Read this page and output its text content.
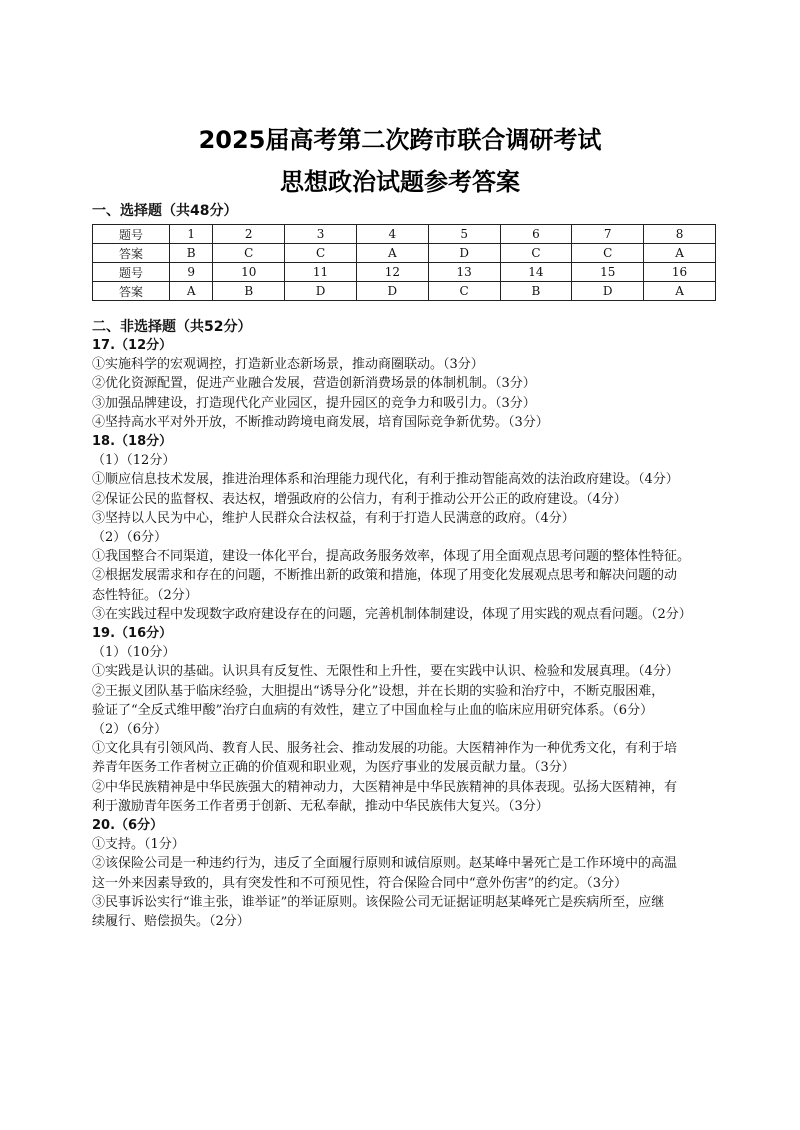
2025届高考第二次跨市联合调研考试
思想政治试题参考答案
一、选择题（共48分）
题号	1	2	3	4	5	6	7	8
答案	B	C	C	A	D	C	C	A
题号	9	10	11	12	13	14	15	16
答案	A	B	D	D	C	B	D	A
二、非选择题（共52分）

17.（12分）

①实施科学的宏观调控，打造新业态新场景，推动商圈联动。（3分）

②优化资源配置，促进产业融合发展，营造创新消费场景的体制机制。（3分）

③加强品牌建设，打造现代化产业园区，提升园区的竞争力和吸引力。（3分）

④坚持高水平对外开放，不断推动跨境电商发展，培育国际竞争新优势。（3分）

18.（18分）

（1）（12分）

①顺应信息技术发展，推进治理体系和治理能力现代化，有利于推动智能高效的法治政府建设。（4分）

②保证公民的监督权、表达权，增强政府的公信力，有利于推动公开公正的政府建设。（4分）

③坚持以人民为中心，维护人民群众合法权益，有利于打造人民满意的政府。（4分）

（2）（6分）

①我国整合不同渠道，建设一体化平台，提高政务服务效率，体现了用全面观点思考问题的整体性特征。

②根据发展需求和存在的问题，不断推出新的政策和措施，体现了用变化发展观点思考和解决问题的动

态性特征。（2分）

③在实践过程中发现数字政府建设存在的问题，完善机制体制建设，体现了用实践的观点看问题。（2分）

19.（16分）

（1）（10分）

①实践是认识的基础。认识具有反复性、无限性和上升性，要在实践中认识、检验和发展真理。（4分）

②王振义团队基于临床经验，大胆提出“诱导分化”设想，并在长期的实验和治疗中，不断克服困难，

验证了“全反式维甲酸”治疗白血病的有效性，建立了中国血栓与止血的临床应用研究体系。（6分）

（2）（6分）

①文化具有引领风尚、教育人民、服务社会、推动发展的功能。大医精神作为一种优秀文化，有利于培

养青年医务工作者树立正确的价值观和职业观，为医疗事业的发展贡献力量。（3分）

②中华民族精神是中华民族强大的精神动力，大医精神是中华民族精神的具体表现。弘扬大医精神，有

利于激励青年医务工作者勇于创新、无私奉献，推动中华民族伟大复兴。（3分）

20.（6分）

①支持。（1分）

②该保险公司是一种违约行为，违反了全面履行原则和诚信原则。赵某峰中暑死亡是工作环境中的高温

这一外来因素导致的，具有突发性和不可预见性，符合保险合同中“意外伤害”的约定。（3分）

③民事诉讼实行“谁主张，谁举证”的举证原则。该保险公司无证据证明赵某峰死亡是疾病所至，应继

续履行、赔偿损失。（2分）
